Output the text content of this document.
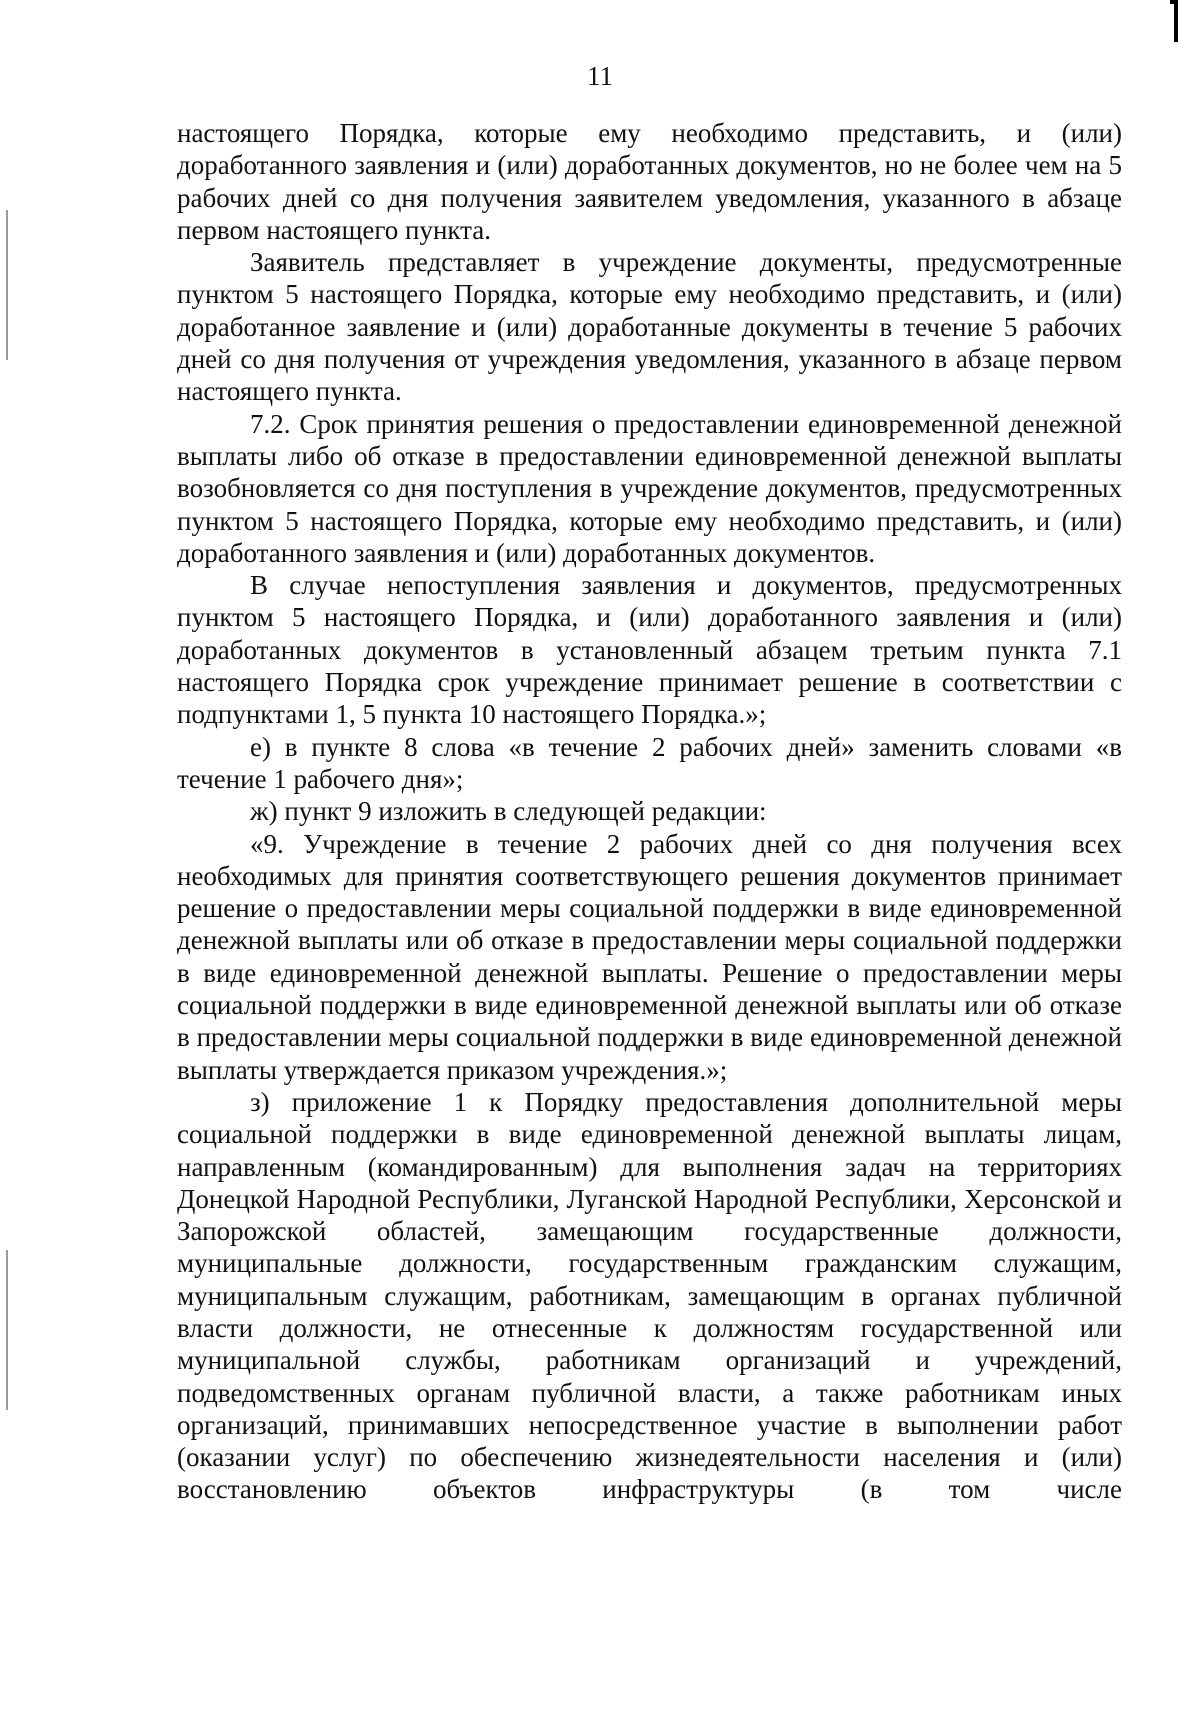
11

настоящего Порядка, которые ему необходимо представить, и (или) доработанного заявления и (или) доработанных документов, но не более чем на 5 рабочих дней со дня получения заявителем уведомления, указанного в абзаце первом настоящего пункта.

Заявитель представляет в учреждение документы, предусмотренные пунктом 5 настоящего Порядка, которые ему необходимо представить, и (или) доработанное заявление и (или) доработанные документы в течение 5 рабочих дней со дня получения от учреждения уведомления, указанного в абзаце первом настоящего пункта.

7.2. Срок принятия решения о предоставлении единовременной денежной выплаты либо об отказе в предоставлении единовременной денежной выплаты возобновляется со дня поступления в учреждение документов, предусмотренных пунктом 5 настоящего Порядка, которые ему необходимо представить, и (или) доработанного заявления и (или) доработанных документов.

В случае непоступления заявления и документов, предусмотренных пунктом 5 настоящего Порядка, и (или) доработанного заявления и (или) доработанных документов в установленный абзацем третьим пункта 7.1 настоящего Порядка срок учреждение принимает решение в соответствии с подпунктами 1, 5 пункта 10 настоящего Порядка.»;

е) в пункте 8 слова «в течение 2 рабочих дней» заменить словами «в течение 1 рабочего дня»;

ж) пункт 9 изложить в следующей редакции:

«9. Учреждение в течение 2 рабочих дней со дня получения всех необходимых для принятия соответствующего решения документов принимает решение о предоставлении меры социальной поддержки в виде единовременной денежной выплаты или об отказе в предоставлении меры социальной поддержки в виде единовременной денежной выплаты. Решение о предоставлении меры социальной поддержки в виде единовременной денежной выплаты или об отказе в предоставлении меры социальной поддержки в виде единовременной денежной выплаты утверждается приказом учреждения.»;

з) приложение 1 к Порядку предоставления дополнительной меры социальной поддержки в виде единовременной денежной выплаты лицам, направленным (командированным) для выполнения задач на территориях Донецкой Народной Республики, Луганской Народной Республики, Херсонской и Запорожской областей, замещающим государственные должности, муниципальные должности, государственным гражданским служащим, муниципальным служащим, работникам, замещающим в органах публичной власти должности, не отнесенные к должностям государственной или муниципальной службы, работникам организаций и учреждений, подведомственных органам публичной власти, а также работникам иных организаций, принимавших непосредственное участие в выполнении работ (оказании услуг) по обеспечению жизнедеятельности населения и (или) восстановлению объектов инфраструктуры (в том числе
